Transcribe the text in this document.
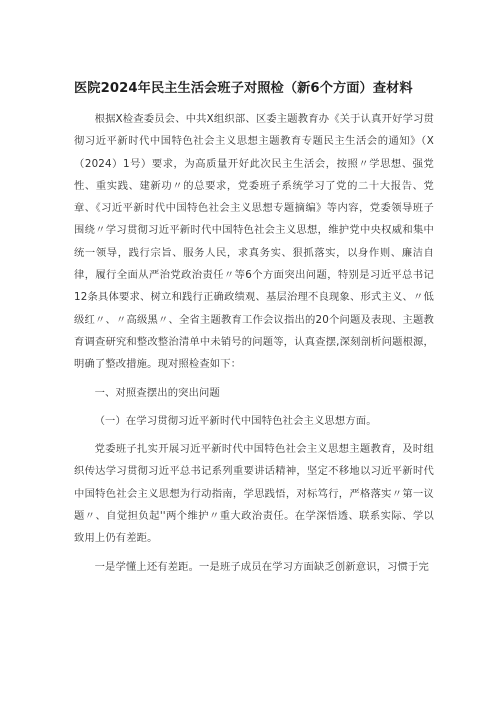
医院2024年民主生活会班子对照检（新6个方面）查材料

根据X检查委员会、中共X组织部、区委主题教育办《关于认真开好学习贯彻习近平新时代中国特色社会主义思想主题教育专题民主生活会的通知》（X（2024）1号）要求，为高质量开好此次民主生活会，按照〃学思想、强党性、重实践、建新功〃的总要求，党委班子系统学习了党的二十大报告、党章、《习近平新时代中国特色社会主义思想专题摘编》等内容，党委领导班子围绕〃学习贯彻习近平新时代中国特色社会主义思想，维护党中央权威和集中统一领导，践行宗旨、服务人民，求真务实、狠抓落实，以身作则、廉洁自律，履行全面从严治党政治责任〃等6个方面突出问题，特别是习近平总书记12条具体要求、树立和践行正确政绩观、基层治理不良现象、形式主义、〃低级红〃、〃高级黑〃、全省主题教育工作会议指出的20个问题及表现、主题教育调查研究和整改整治清单中未销号的问题等，认真查摆,深刻剖析问题根源，明确了整改措施。现对照检查如下：

一、对照查摆出的突出问题

（一）在学习贯彻习近平新时代中国特色社会主义思想方面。

党委班子扎实开展习近平新时代中国特色社会主义思想主题教育，及时组织传达学习贯彻习近平总书记系列重要讲话精神，坚定不移地以习近平新时代中国特色社会主义思想为行动指南，学思践悟，对标笃行，严格落实〃第一议题〃、自觉担负起''两个维护〃重大政治责任。在学深悟透、联系实际、学以致用上仍有差距。

一是学懂上还有差距。一是班子成员在学习方面缺乏创新意识，习惯于完
